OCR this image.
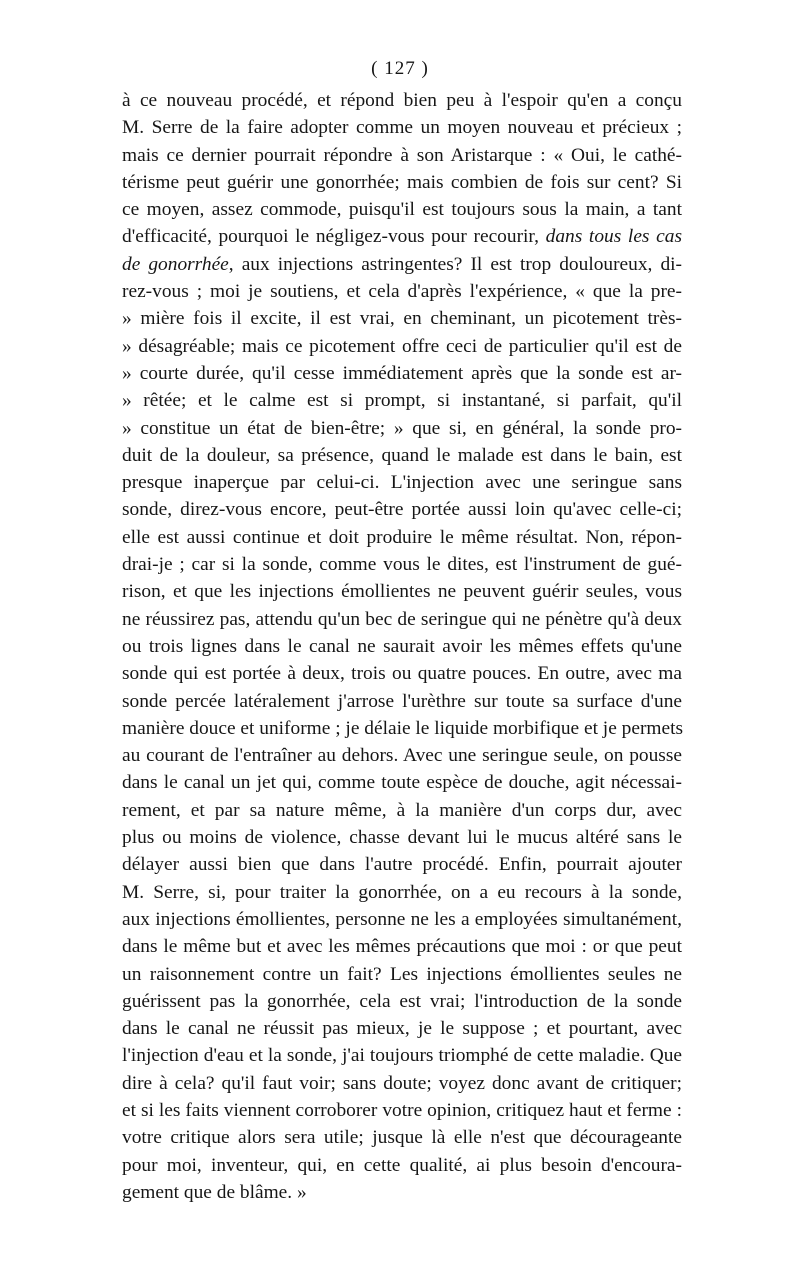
( 127 )
à ce nouveau procédé, et répond bien peu à l'espoir qu'en a conçu
M. Serre de la faire adopter comme un moyen nouveau et précieux ;
mais ce dernier pourrait répondre à son Aristarque : « Oui, le cathé-
térisme peut guérir une gonorrhée; mais combien de fois sur cent? Si
ce moyen, assez commode, puisqu'il est toujours sous la main, a tant
d'efficacité, pourquoi le négligez-vous pour recourir, dans tous les cas
de gonorrhée, aux injections astringentes? Il est trop douloureux, di-
rez-vous ; moi je soutiens, et cela d'après l'expérience, « que la pre-
» mière fois il excite, il est vrai, en cheminant, un picotement très-
» désagréable; mais ce picotement offre ceci de particulier qu'il est de
» courte durée, qu'il cesse immédiatement après que la sonde est ar-
» rêtée; et le calme est si prompt, si instantané, si parfait, qu'il
» constitue un état de bien-être; » que si, en général, la sonde pro-
duit de la douleur, sa présence, quand le malade est dans le bain, est
presque inaperçue par celui-ci. L'injection avec une seringue sans
sonde, direz-vous encore, peut-être portée aussi loin qu'avec celle-ci;
elle est aussi continue et doit produire le même résultat. Non, répon-
drai-je ; car si la sonde, comme vous le dites, est l'instrument de gué-
rison, et que les injections émollientes ne peuvent guérir seules, vous
ne réussirez pas, attendu qu'un bec de seringue qui ne pénètre qu'à deux
ou trois lignes dans le canal ne saurait avoir les mêmes effets qu'une
sonde qui est portée à deux, trois ou quatre pouces. En outre, avec ma
sonde percée latéralement j'arrose l'urèthre sur toute sa surface d'une
manière douce et uniforme ; je délaie le liquide morbifique et je permets
au courant de l'entraîner au dehors. Avec une seringue seule, on pousse
dans le canal un jet qui, comme toute espèce de douche, agit nécessai-
rement, et par sa nature même, à la manière d'un corps dur, avec
plus ou moins de violence, chasse devant lui le mucus altéré sans le
délayer aussi bien que dans l'autre procédé. Enfin, pourrait ajouter
M. Serre, si, pour traiter la gonorrhée, on a eu recours à la sonde,
aux injections émollientes, personne ne les a employées simultanément,
dans le même but et avec les mêmes précautions que moi : or que peut
un raisonnement contre un fait? Les injections émollientes seules ne
guérissent pas la gonorrhée, cela est vrai; l'introduction de la sonde
dans le canal ne réussit pas mieux, je le suppose ; et pourtant, avec
l'injection d'eau et la sonde, j'ai toujours triomphé de cette maladie. Que
dire à cela? qu'il faut voir; sans doute; voyez donc avant de critiquer;
et si les faits viennent corroborer votre opinion, critiquez haut et ferme :
votre critique alors sera utile; jusque là elle n'est que décourageante
pour moi, inventeur, qui, en cette qualité, ai plus besoin d'encoura-
gement que de blâme. »
